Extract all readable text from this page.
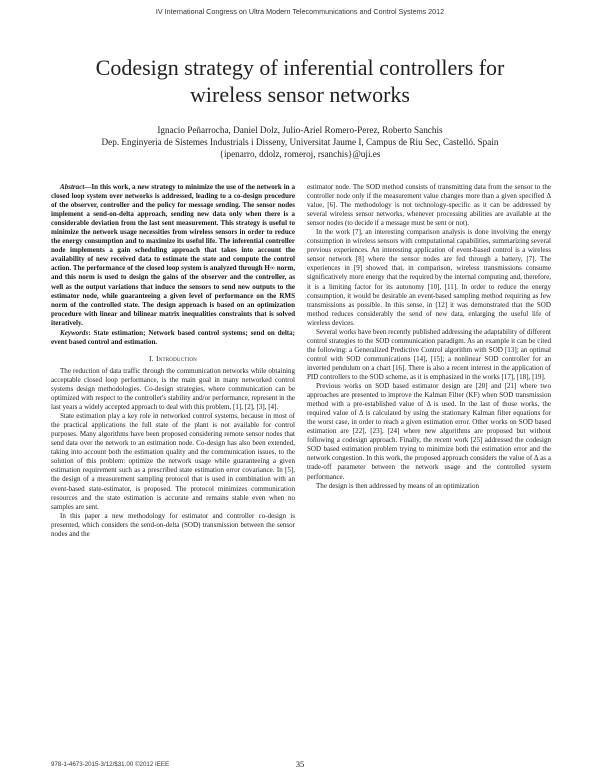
IV International Congress on Ultra Modern Telecommunications and Control Systems 2012
Codesign strategy of inferential controllers for
wireless sensor networks
Ignacio Peñarrocha, Daniel Dolz, Julio-Ariel Romero-Perez, Roberto Sanchis
Dep. Enginyeria de Sistemes Industrials i Disseny, Universitat Jaume I, Campus de Riu Sec, Castelló. Spain
{ipenarro, ddolz, romeroj, rsanchis}@uji.es

Abstract—In this work, a new strategy to minimize the use of the network in a closed loop system over networks is addressed, leading to a co-design procedure of the observer, controller and the policy for message sending. The sensor nodes implement a send-on-delta approach, sending new data only when there is a considerable deviation from the last sent measurement. This strategy is useful to minimize the network usage necessities from wireless sensors in order to reduce the energy consumption and to maximize its useful life. The inferential controller node implements a gain scheduling approach that takes into account the availability of new received data to estimate the state and compute the control action. The performance of the closed loop system is analyzed through H∞ norm, and this norm is used to design the gains of the observer and the controller, as well as the output variations that induce the sensors to send new outputs to the estimator node, while guaranteeing a given level of performance on the RMS norm of the controlled state. The design approach is based on an optimization procedure with linear and bilinear matrix inequalities constraints that is solved iteratively.

Keywords: State estimation; Network based control systems; send on delta; event based control and estimation.

I. Introduction

The reduction of data traffic through the communication networks while obtaining acceptable closed loop performance, is the main goal in many networked control systems design methodologies. Co-design strategies, where communication can be optimized with respect to the controller's stability and/or performance, represent in the last years a widely accepted approach to deal with this problem, [1], [2], [3], [4].

State estimation play a key role in networked control systems, because in most of the practical applications the full state of the plant is not available for control purposes. Many algorithms have been proposed considering remote sensor nodes that send data over the network to an estimation node. Co-design has also been extended, taking into account both the estimation quality and the communication issues, to the solution of this problem: optimize the network usage while guaranteeing a given estimation requirement such as a prescribed state estimation error covariance. In [5], the design of a measurement sampling protocol that is used in combination with an event-based state-estimator, is proposed. The protocol minimizes communication resources and the state estimation is accurate and remains stable even when no samples are sent.

In this paper a new methodology for estimator and controller co-design is presented, which considers the send-on-delta (SOD) transmission between the sensor nodes and the

estimator node. The SOD method consists of transmitting data from the sensor to the controller node only if the measurement value changes more than a given specified Δ value, [6]. The methodology is not technology-specific as it can be addressed by several wireless sensor networks, whenever processing abilities are available at the sensor nodes (to decide if a message must be sent or not).

In the work [7], an interesting comparison analysis is done involving the energy consumption in wireless sensors with computational capabilities, summarizing several previous experiences. An interesting application of event-based control is a wireless sensor network [8] where the sensor nodes are fed through a battery, [7]. The experiences in [9] showed that, in comparison, wireless transmissions consume significatively more energy that the required by the internal computing and, therefore, it is a limiting factor for its autonomy [10], [11]. In order to reduce the energy consumption, it would be desirable an event-based sampling method requiring as few transmissions as possible. In this sense, in [12] it was demonstrated that the SOD method reduces considerably the send of new data, enlarging the useful life of wireless devices.

Several works have been recently published addressing the adaptability of different control strategies to the SOD communication paradigm. As an example it can be cited the following: a Generalized Predictive Control algorithm with SOD [13]; an optimal control with SOD communications [14], [15]; a nonlinear SOD controller for an inverted pendulum on a chart [16]. There is also a recent interest in the application of PID controllers to the SOD scheme, as it is emphasized in the works [17], [18], [19].

Previous works on SOD based estimator design are [20] and [21] where two approaches are presented to improve the Kalman Filter (KF) when SOD transmission method with a pre-established value of Δ is used. In the last of those works, the required value of Δ is calculated by using the stationary Kalman filter equations for the worst case, in order to reach a given estimation error. Other works on SOD based estimation are [22], [23], [24] where new algorithms are proposed but without following a codesign approach. Finally, the recent work [25] addressed the codesign SOD based estimation problem trying to minimize both the estimation error and the network congestion. In this work, the proposed approach considers the value of Δ as a trade-off parameter between the network usage and the controlled system performance.

The design is then addressed by means of an optimization

978-1-4673-2015-3/12/$31.00 ©2012 IEEE	35
